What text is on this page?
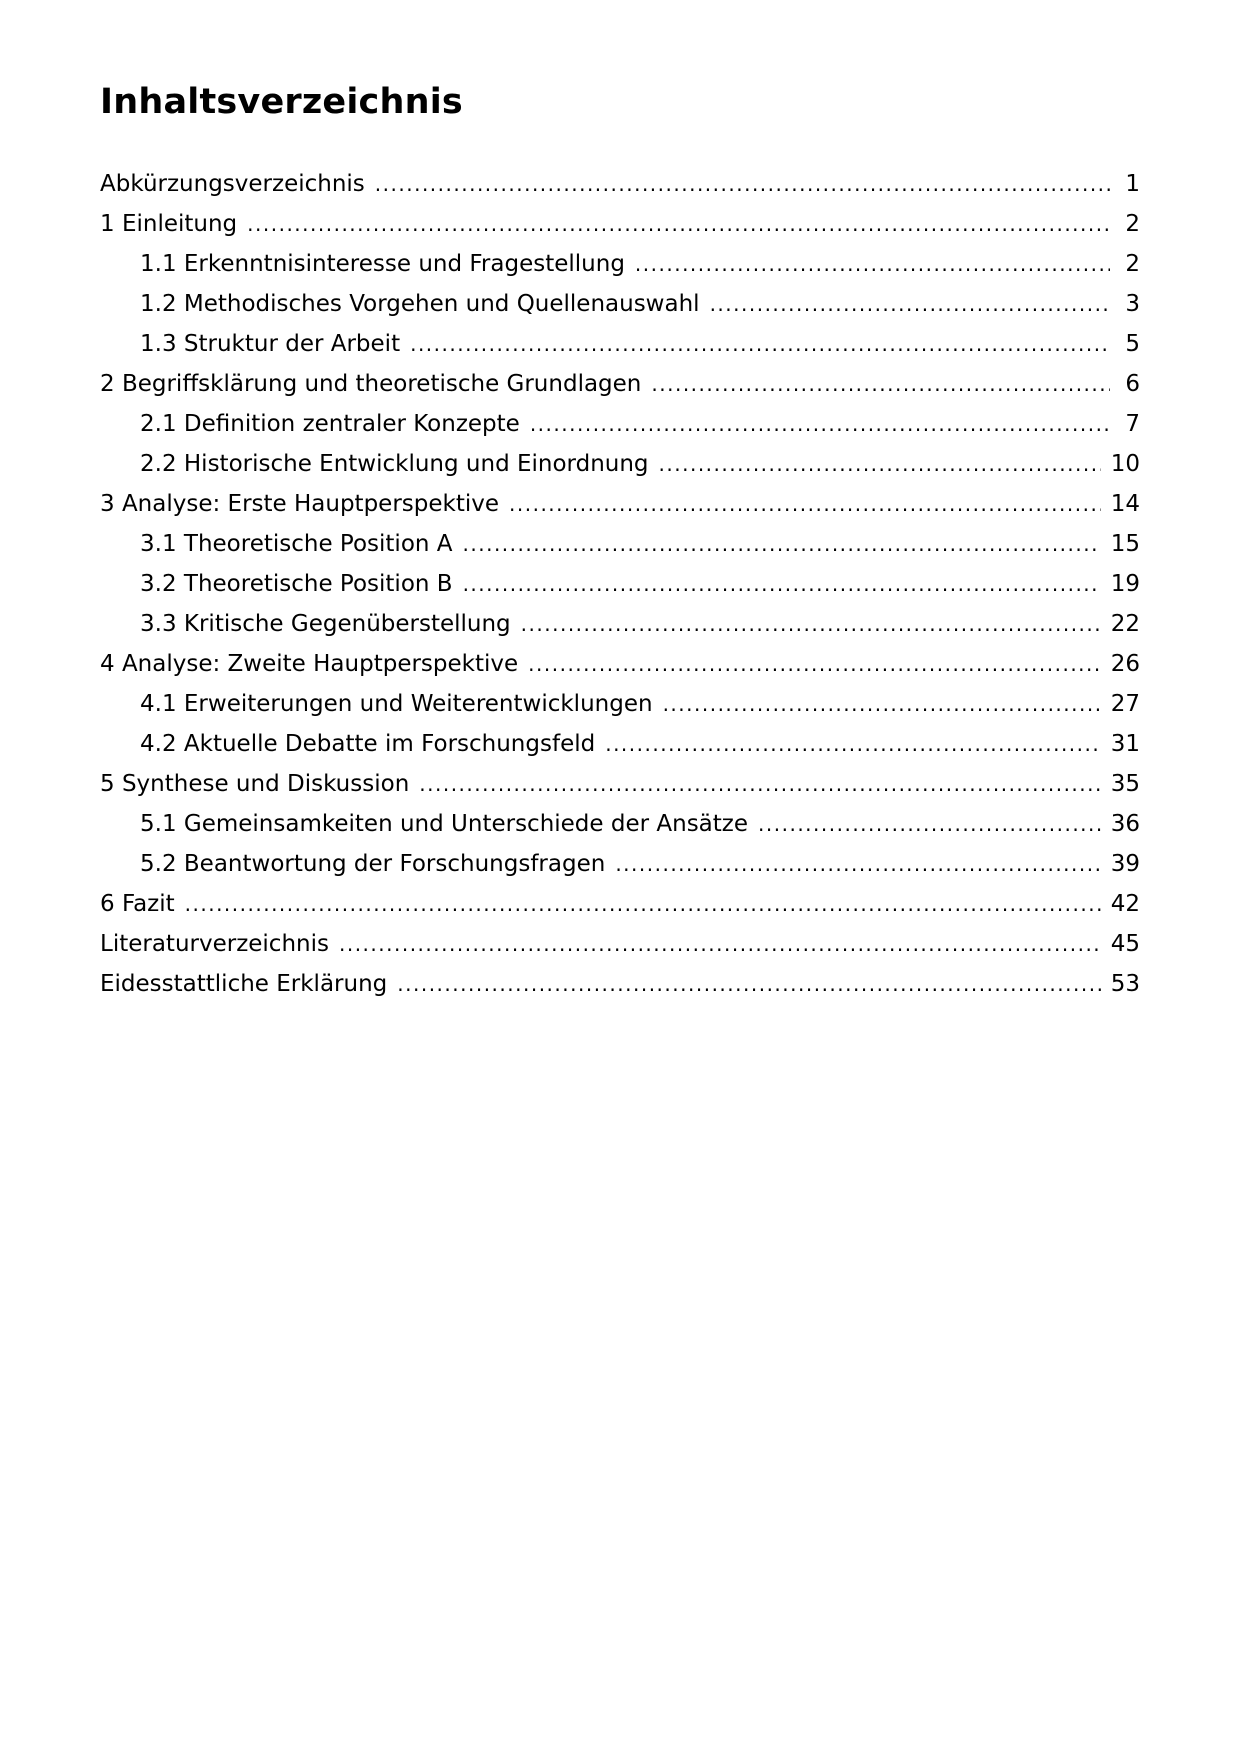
Inhaltsverzeichnis
Abkürzungsverzeichnis .....	1
1 Einleitung .....	2
1.1 Erkenntnisinteresse und Fragestellung .....	2
1.2 Methodisches Vorgehen und Quellenauswahl .....	3
1.3 Struktur der Arbeit .....	5
2 Begriffsklärung und theoretische Grundlagen .....	6
2.1 Definition zentraler Konzepte .....	7
2.2 Historische Entwicklung und Einordnung .....	10
3 Analyse: Erste Hauptperspektive .....	14
3.1 Theoretische Position A .....	15
3.2 Theoretische Position B .....	19
3.3 Kritische Gegenüberstellung .....	22
4 Analyse: Zweite Hauptperspektive .....	26
4.1 Erweiterungen und Weiterentwicklungen .....	27
4.2 Aktuelle Debatte im Forschungsfeld .....	31
5 Synthese und Diskussion .....	35
5.1 Gemeinsamkeiten und Unterschiede der Ansätze .....	36
5.2 Beantwortung der Forschungsfragen .....	39
6 Fazit .....	42
Literaturverzeichnis .....	45
Eidesstattliche Erklärung .....	53
